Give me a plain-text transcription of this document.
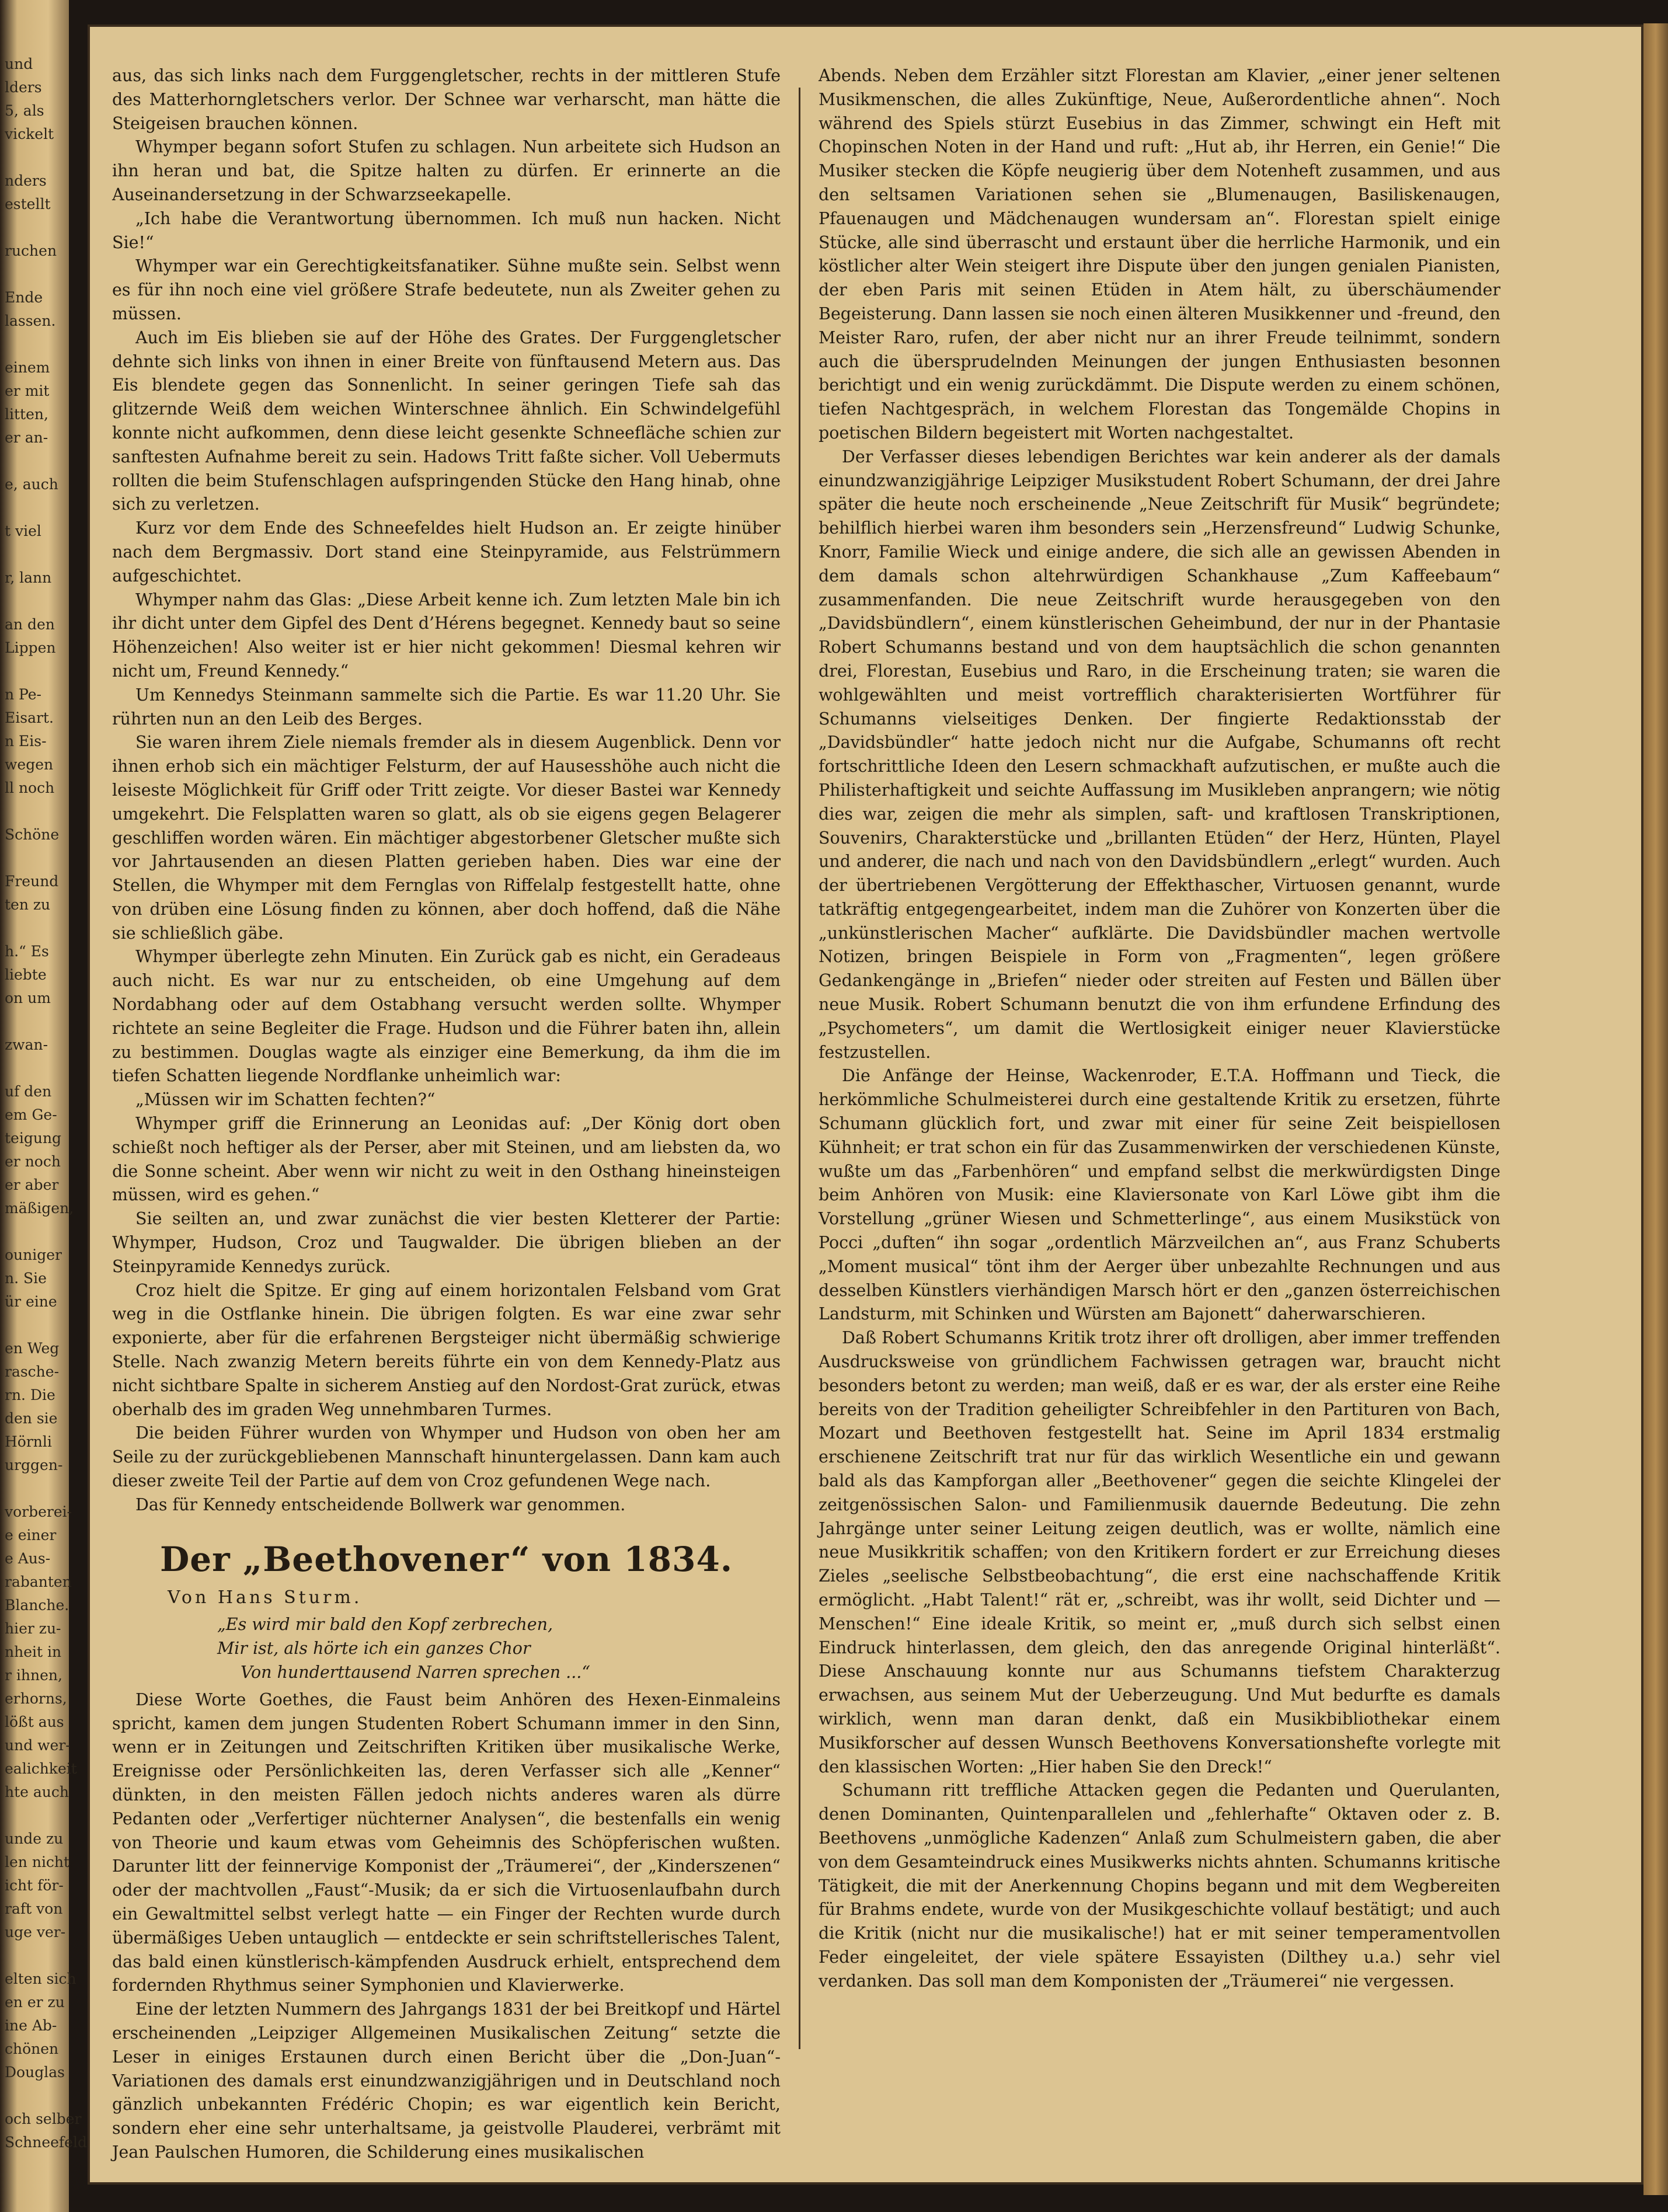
und
lders
5, als
vickelt

nders
estellt

ruchen

Ende
lassen.

einem
er mit
litten,
er an-

e, auch

t viel

r, lann

an den
Lippen

n Pe-
Eisart.
n Eis-
wegen
ll noch

Schöne

Freund
ten zu

h.“ Es
liebte
on um

zwan-

uf den
em Ge-
teigung
er noch
er aber
mäßigen,

ouniger
n. Sie
ür eine

en Weg
rasche-
rn. Die
den sie
Hörnli
urggen-

vorberei-
e einer
e Aus-
rabanten
Blanche.
hier zu-
nheit in
r ihnen,
erhorns,
lößt aus
und wer-
ealichkeit
hte auch

unde zu
len nicht
icht för-
raft von
uge ver-

elten sich
en er zu
ine Ab-
chönen
Douglas

och selber
Schneefeld

aus, das sich links nach dem Furggengletscher, rechts in der mittleren Stufe des Matterhorngletschers verlor. Der Schnee war verharscht, man hätte die Steigeisen brauchen können.

Whymper begann sofort Stufen zu schlagen. Nun arbeitete sich Hudson an ihn heran und bat, die Spitze halten zu dürfen. Er erinnerte an die Auseinandersetzung in der Schwarzseekapelle.

„Ich habe die Verantwortung übernommen. Ich muß nun hacken. Nicht Sie!“

Whymper war ein Gerechtigkeitsfanatiker. Sühne mußte sein. Selbst wenn es für ihn noch eine viel größere Strafe bedeutete, nun als Zweiter gehen zu müssen.

Auch im Eis blieben sie auf der Höhe des Grates. Der Furggengletscher dehnte sich links von ihnen in einer Breite von fünftausend Metern aus. Das Eis blendete gegen das Sonnenlicht. In seiner geringen Tiefe sah das glitzernde Weiß dem weichen Winterschnee ähnlich. Ein Schwindelgefühl konnte nicht aufkommen, denn diese leicht gesenkte Schneefläche schien zur sanftesten Aufnahme bereit zu sein. Hadows Tritt faßte sicher. Voll Uebermuts rollten die beim Stufenschlagen aufspringenden Stücke den Hang hinab, ohne sich zu verletzen.

Kurz vor dem Ende des Schneefeldes hielt Hudson an. Er zeigte hinüber nach dem Bergmassiv. Dort stand eine Steinpyramide, aus Felstrümmern aufgeschichtet.

Whymper nahm das Glas: „Diese Arbeit kenne ich. Zum letzten Male bin ich ihr dicht unter dem Gipfel des Dent d’Hérens begegnet. Kennedy baut so seine Höhenzeichen! Also weiter ist er hier nicht gekommen! Diesmal kehren wir nicht um, Freund Kennedy.“

Um Kennedys Steinmann sammelte sich die Partie. Es war 11.20 Uhr. Sie rührten nun an den Leib des Berges.

Sie waren ihrem Ziele niemals fremder als in diesem Augenblick. Denn vor ihnen erhob sich ein mächtiger Felsturm, der auf Hausesshöhe auch nicht die leiseste Möglichkeit für Griff oder Tritt zeigte. Vor dieser Bastei war Kennedy umgekehrt. Die Felsplatten waren so glatt, als ob sie eigens gegen Belagerer geschliffen worden wären. Ein mächtiger abgestorbener Gletscher mußte sich vor Jahrtausenden an diesen Platten gerieben haben. Dies war eine der Stellen, die Whymper mit dem Fernglas von Riffelalp festgestellt hatte, ohne von drüben eine Lösung finden zu können, aber doch hoffend, daß die Nähe sie schließlich gäbe.

Whymper überlegte zehn Minuten. Ein Zurück gab es nicht, ein Geradeaus auch nicht. Es war nur zu entscheiden, ob eine Umgehung auf dem Nordabhang oder auf dem Ostabhang versucht werden sollte. Whymper richtete an seine Begleiter die Frage. Hudson und die Führer baten ihn, allein zu bestimmen. Douglas wagte als einziger eine Bemerkung, da ihm die im tiefen Schatten liegende Nordflanke unheimlich war:

„Müssen wir im Schatten fechten?“

Whymper griff die Erinnerung an Leonidas auf: „Der König dort oben schießt noch heftiger als der Perser, aber mit Steinen, und am liebsten da, wo die Sonne scheint. Aber wenn wir nicht zu weit in den Osthang hineinsteigen müssen, wird es gehen.“

Sie seilten an, und zwar zunächst die vier besten Kletterer der Partie: Whymper, Hudson, Croz und Taugwalder. Die übrigen blieben an der Steinpyramide Kennedys zurück.

Croz hielt die Spitze. Er ging auf einem horizontalen Felsband vom Grat weg in die Ostflanke hinein. Die übrigen folgten. Es war eine zwar sehr exponierte, aber für die erfahrenen Bergsteiger nicht übermäßig schwierige Stelle. Nach zwanzig Metern bereits führte ein von dem Kennedy-Platz aus nicht sichtbare Spalte in sicherem Anstieg auf den Nordost-Grat zurück, etwas oberhalb des im graden Weg unnehmbaren Turmes.

Die beiden Führer wurden von Whymper und Hudson von oben her am Seile zu der zurückgebliebenen Mannschaft hinuntergelassen. Dann kam auch dieser zweite Teil der Partie auf dem von Croz gefundenen Wege nach.

Das für Kennedy entscheidende Bollwerk war genommen.

Der „Beethovener“ von 1834.
Von Hans Sturm.
„Es wird mir bald den Kopf zerbrechen,
Mir ist, als hörte ich ein ganzes Chor
Von hunderttausend Narren sprechen ...“

Diese Worte Goethes, die Faust beim Anhören des Hexen-Einmaleins spricht, kamen dem jungen Studenten Robert Schumann immer in den Sinn, wenn er in Zeitungen und Zeitschriften Kritiken über musikalische Werke, Ereignisse oder Persönlichkeiten las, deren Verfasser sich alle „Kenner“ dünkten, in den meisten Fällen jedoch nichts anderes waren als dürre Pedanten oder „Verfertiger nüchterner Analysen“, die bestenfalls ein wenig von Theorie und kaum etwas vom Geheimnis des Schöpferischen wußten. Darunter litt der feinnervige Komponist der „Träumerei“, der „Kinderszenen“ oder der machtvollen „Faust“-Musik; da er sich die Virtuosenlaufbahn durch ein Gewaltmittel selbst verlegt hatte — ein Finger der Rechten wurde durch übermäßiges Ueben untauglich — entdeckte er sein schriftstellerisches Talent, das bald einen künstlerisch-kämpfenden Ausdruck erhielt, entsprechend dem fordernden Rhythmus seiner Symphonien und Klavierwerke.

Eine der letzten Nummern des Jahrgangs 1831 der bei Breitkopf und Härtel erscheinenden „Leipziger Allgemeinen Musikalischen Zeitung“ setzte die Leser in einiges Erstaunen durch einen Bericht über die „Don-Juan“-Variationen des damals erst einundzwanzigjährigen und in Deutschland noch gänzlich unbekannten Frédéric Chopin; es war eigentlich kein Bericht, sondern eher eine sehr unterhaltsame, ja geistvolle Plauderei, verbrämt mit Jean Paulschen Humoren, die Schilderung eines musikalischen

Abends. Neben dem Erzähler sitzt Florestan am Klavier, „einer jener seltenen Musikmenschen, die alles Zukünftige, Neue, Außerordentliche ahnen“. Noch während des Spiels stürzt Eusebius in das Zimmer, schwingt ein Heft mit Chopinschen Noten in der Hand und ruft: „Hut ab, ihr Herren, ein Genie!“ Die Musiker stecken die Köpfe neugierig über dem Notenheft zusammen, und aus den seltsamen Variationen sehen sie „Blumenaugen, Basiliskenaugen, Pfauenaugen und Mädchenaugen wundersam an“. Florestan spielt einige Stücke, alle sind überrascht und erstaunt über die herrliche Harmonik, und ein köstlicher alter Wein steigert ihre Dispute über den jungen genialen Pianisten, der eben Paris mit seinen Etüden in Atem hält, zu überschäumender Begeisterung. Dann lassen sie noch einen älteren Musikkenner und -freund, den Meister Raro, rufen, der aber nicht nur an ihrer Freude teilnimmt, sondern auch die übersprudelnden Meinungen der jungen Enthusiasten besonnen berichtigt und ein wenig zurückdämmt. Die Dispute werden zu einem schönen, tiefen Nachtgespräch, in welchem Florestan das Tongemälde Chopins in poetischen Bildern begeistert mit Worten nachgestaltet.

Der Verfasser dieses lebendigen Berichtes war kein anderer als der damals einundzwanzigjährige Leipziger Musikstudent Robert Schumann, der drei Jahre später die heute noch erscheinende „Neue Zeitschrift für Musik“ begründete; behilflich hierbei waren ihm besonders sein „Herzensfreund“ Ludwig Schunke, Knorr, Familie Wieck und einige andere, die sich alle an gewissen Abenden in dem damals schon altehrwürdigen Schankhause „Zum Kaffeebaum“ zusammenfanden. Die neue Zeitschrift wurde herausgegeben von den „Davidsbündlern“, einem künstlerischen Geheimbund, der nur in der Phantasie Robert Schumanns bestand und von dem hauptsächlich die schon genannten drei, Florestan, Eusebius und Raro, in die Erscheinung traten; sie waren die wohlgewählten und meist vortrefflich charakterisierten Wortführer für Schumanns vielseitiges Denken. Der fingierte Redaktionsstab der „Davidsbündler“ hatte jedoch nicht nur die Aufgabe, Schumanns oft recht fortschrittliche Ideen den Lesern schmackhaft aufzutischen, er mußte auch die Philisterhaftigkeit und seichte Auffassung im Musikleben anprangern; wie nötig dies war, zeigen die mehr als simplen, saft- und kraftlosen Transkriptionen, Souvenirs, Charakterstücke und „brillanten Etüden“ der Herz, Hünten, Playel und anderer, die nach und nach von den Davidsbündlern „erlegt“ wurden. Auch der übertriebenen Vergötterung der Effekthascher, Virtuosen genannt, wurde tatkräftig entgegengearbeitet, indem man die Zuhörer von Konzerten über die „unkünstlerischen Macher“ aufklärte. Die Davidsbündler machen wertvolle Notizen, bringen Beispiele in Form von „Fragmenten“, legen größere Gedankengänge in „Briefen“ nieder oder streiten auf Festen und Bällen über neue Musik. Robert Schumann benutzt die von ihm erfundene Erfindung des „Psychometers“, um damit die Wertlosigkeit einiger neuer Klavierstücke festzustellen.

Die Anfänge der Heinse, Wackenroder, E.T.A. Hoffmann und Tieck, die herkömmliche Schulmeisterei durch eine gestaltende Kritik zu ersetzen, führte Schumann glücklich fort, und zwar mit einer für seine Zeit beispiellosen Kühnheit; er trat schon ein für das Zusammenwirken der verschiedenen Künste, wußte um das „Farbenhören“ und empfand selbst die merkwürdigsten Dinge beim Anhören von Musik: eine Klaviersonate von Karl Löwe gibt ihm die Vorstellung „grüner Wiesen und Schmetterlinge“, aus einem Musikstück von Pocci „duften“ ihn sogar „ordentlich Märzveilchen an“, aus Franz Schuberts „Moment musical“ tönt ihm der Aerger über unbezahlte Rechnungen und aus desselben Künstlers vierhändigen Marsch hört er den „ganzen österreichischen Landsturm, mit Schinken und Würsten am Bajonett“ daherwarschieren.

Daß Robert Schumanns Kritik trotz ihrer oft drolligen, aber immer treffenden Ausdrucksweise von gründlichem Fachwissen getragen war, braucht nicht besonders betont zu werden; man weiß, daß er es war, der als erster eine Reihe bereits von der Tradition geheiligter Schreibfehler in den Partituren von Bach, Mozart und Beethoven festgestellt hat. Seine im April 1834 erstmalig erschienene Zeitschrift trat nur für das wirklich Wesentliche ein und gewann bald als das Kampforgan aller „Beethovener“ gegen die seichte Klingelei der zeitgenössischen Salon- und Familienmusik dauernde Bedeutung. Die zehn Jahrgänge unter seiner Leitung zeigen deutlich, was er wollte, nämlich eine neue Musikkritik schaffen; von den Kritikern fordert er zur Erreichung dieses Zieles „seelische Selbstbeobachtung“, die erst eine nachschaffende Kritik ermöglicht. „Habt Talent!“ rät er, „schreibt, was ihr wollt, seid Dichter und — Menschen!“ Eine ideale Kritik, so meint er, „muß durch sich selbst einen Eindruck hinterlassen, dem gleich, den das anregende Original hinterläßt“. Diese Anschauung konnte nur aus Schumanns tiefstem Charakterzug erwachsen, aus seinem Mut der Ueberzeugung. Und Mut bedurfte es damals wirklich, wenn man daran denkt, daß ein Musikbibliothekar einem Musikforscher auf dessen Wunsch Beethovens Konversationshefte vorlegte mit den klassischen Worten: „Hier haben Sie den Dreck!“

Schumann ritt treffliche Attacken gegen die Pedanten und Querulanten, denen Dominanten, Quintenparallelen und „fehlerhafte“ Oktaven oder z. B. Beethovens „unmögliche Kadenzen“ Anlaß zum Schulmeistern gaben, die aber von dem Gesamteindruck eines Musikwerks nichts ahnten. Schumanns kritische Tätigkeit, die mit der Anerkennung Chopins begann und mit dem Wegbereiten für Brahms endete, wurde von der Musikgeschichte vollauf bestätigt; und auch die Kritik (nicht nur die musikalische!) hat er mit seiner temperamentvollen Feder eingeleitet, der viele spätere Essayisten (Dilthey u.a.) sehr viel verdanken. Das soll man dem Komponisten der „Träumerei“ nie vergessen.
